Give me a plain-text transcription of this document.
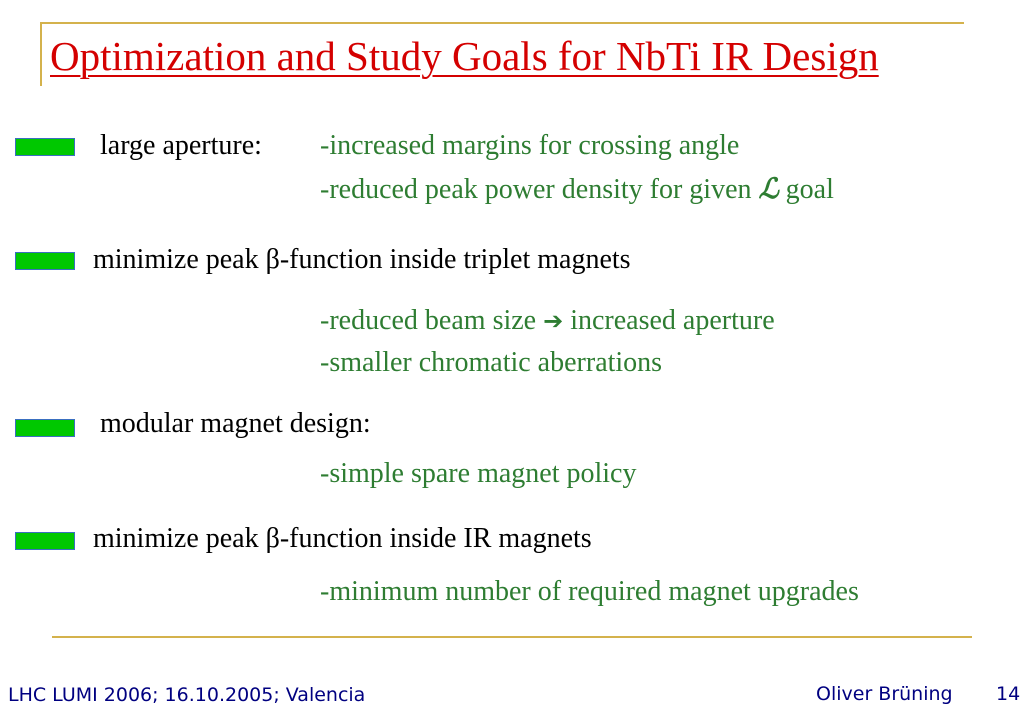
Optimization and Study Goals for NbTi IR Design
large aperture: -increased margins for crossing angle
-reduced peak power density for given ℒ goal
minimize peak β-function inside triplet magnets
-reduced beam size ➔ increased aperture
-smaller chromatic aberrations
modular magnet design:
-simple spare magnet policy
minimize peak β-function inside IR magnets
-minimum number of required magnet upgrades
LHC LUMI 2006; 16.10.2005; Valencia	Oliver Brüning 14
